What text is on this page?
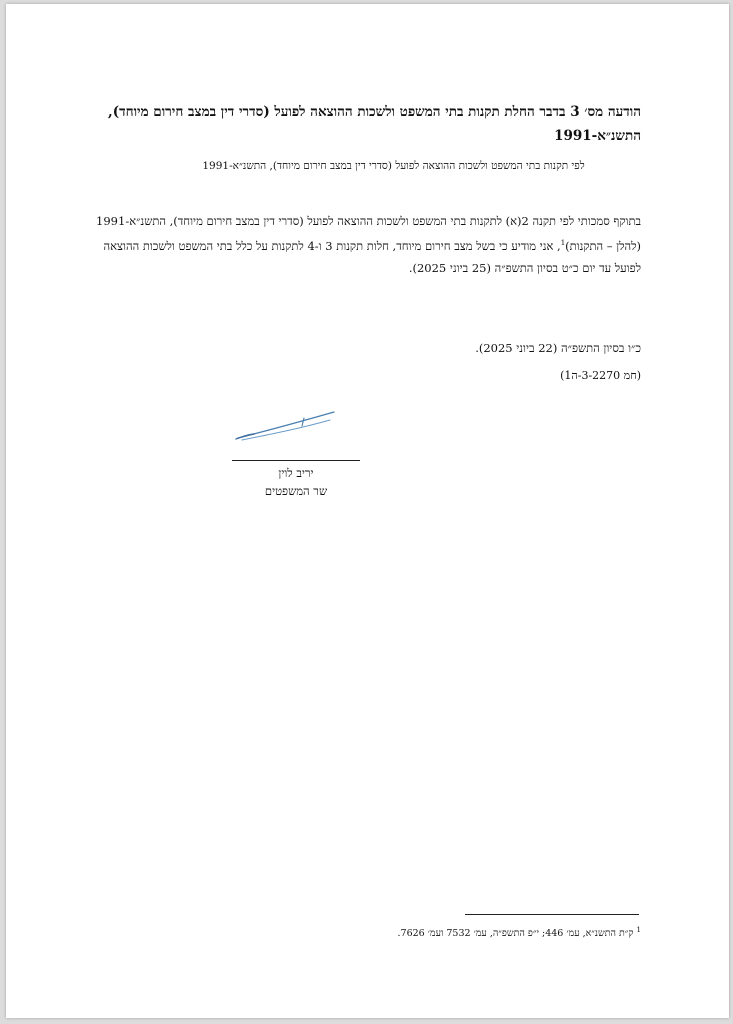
הודעה מס׳ 3 בדבר החלת תקנות בתי המשפט ולשכות ההוצאה לפועל (סדרי דין במצב חירום מיוחד), התשנ״א-1991
לפי תקנות בתי המשפט ולשכות ההוצאה לפועל (סדרי דין במצב חירום מיוחד), התשנ״א-1991
בתוקף סמכותי לפי תקנה 2(א) לתקנות בתי המשפט ולשכות ההוצאה לפועל (סדרי דין במצב חירום מיוחד), התשנ״א-1991 (להלן – התקנות)$^1$, אני מודיע כי בשל מצב חירום מיוחד, חלות תקנות 3 ו-4 לתקנות על כלל בתי המשפט ולשכות ההוצאה לפועל עד יום כ״ט בסיון התשפ״ה (25 ביוני 2025).
כ״ו בסיון התשפ״ה (22 ביוני 2025).
(חמ 3-2270-ה1)
יריב לוין
שר המשפטים
$^1$ ק״ת התשנ״א, עמ׳ 446; י״פ התשפ״ה, עמ׳ 7532 ועמ׳ 7626.
